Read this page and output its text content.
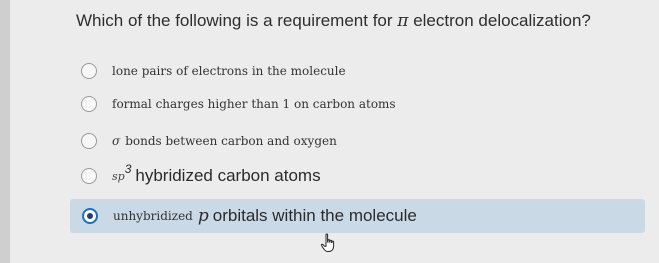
Which of the following is a requirement for π electron delocalization?
lone pairs of electrons in the molecule
formal charges higher than 1 on carbon atoms
σ bonds between carbon and oxygen
sp 3 hybridized carbon atoms
unhybridized p orbitals within the molecule
